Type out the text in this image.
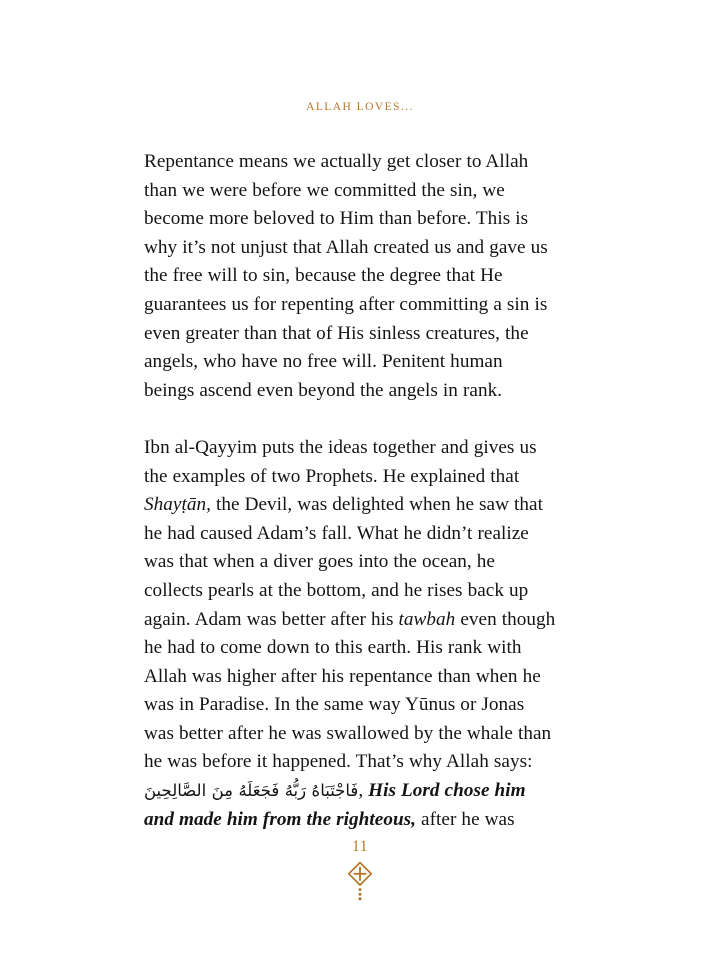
ALLAH LOVES...

Repentance means we actually get closer to Allah than we were before we committed the sin, we become more beloved to Him than before. This is why it’s not unjust that Allah created us and gave us the free will to sin, because the degree that He guarantees us for repenting after committing a sin is even greater than that of His sinless creatures, the angels, who have no free will. Penitent human beings ascend even beyond the angels in rank.

Ibn al-Qayyim puts the ideas together and gives us the examples of two Prophets. He explained that Shayṭān, the Devil, was delighted when he saw that he had caused Adam’s fall. What he didn’t realize was that when a diver goes into the ocean, he collects pearls at the bottom, and he rises back up again. Adam was better after his tawbah even though he had to come down to this earth. His rank with Allah was higher after his repentance than when he was in Paradise. In the same way Yūnus or Jonas was better after he was swallowed by the whale than he was before it happened. That’s why Allah says: فَاجْتَبَاهُ رَبُّهُ فَجَعَلَهُ مِنَ الصَّالِحِينَ, His Lord chose him and made him from the righteous, after he was

11
